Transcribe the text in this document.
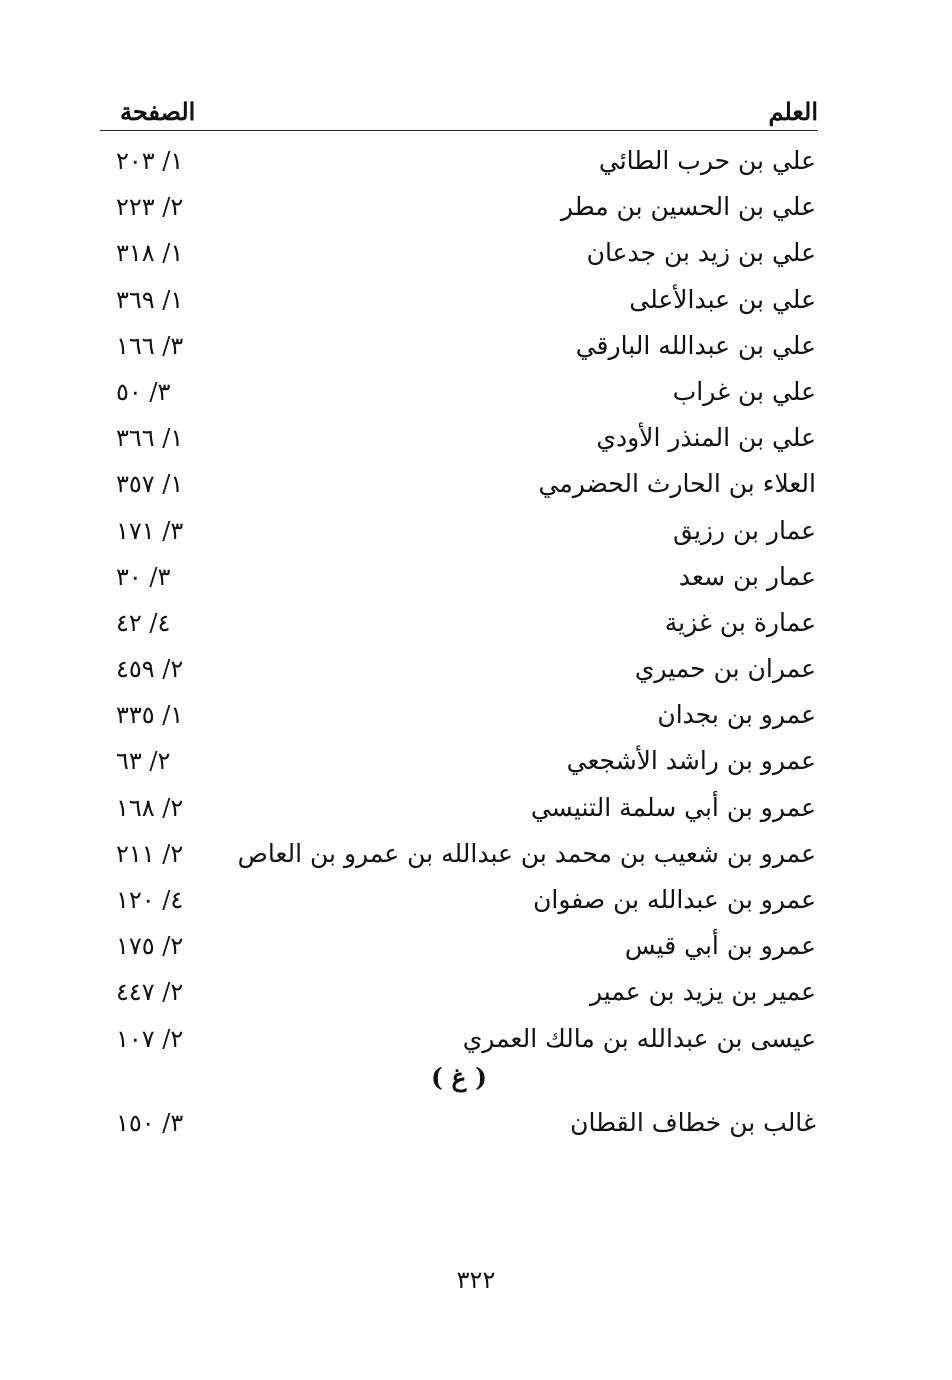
العلم
الصفحة
علي بن حرب الطائي
١/ ٢٠٣
علي بن الحسين بن مطر
٢/ ٢٢٣
علي بن زيد بن جدعان
١/ ٣١٨
علي بن عبدالأعلى
١/ ٣٦٩
علي بن عبدالله البارقي
٣/ ١٦٦
علي بن غراب
٣/ ٥٠
علي بن المنذر الأودي
١/ ٣٦٦
العلاء بن الحارث الحضرمي
١/ ٣٥٧
عمار بن رزيق
٣/ ١٧١
عمار بن سعد
٣/ ٣٠
عمارة بن غزية
٤/ ٤٢
عمران بن حميري
٢/ ٤٥٩
عمرو بن بجدان
١/ ٣٣٥
عمرو بن راشد الأشجعي
٢/ ٦٣
عمرو بن أبي سلمة التنيسي
٢/ ١٦٨
عمرو بن شعيب بن محمد بن عبدالله بن عمرو بن العاص
٢/ ٢١١
عمرو بن عبدالله بن صفوان
٤/ ١٢٠
عمرو بن أبي قيس
٢/ ١٧٥
عمير بن يزيد بن عمير
٢/ ٤٤٧
عيسى بن عبدالله بن مالك العمري
٢/ ١٠٧
( غ )
غالب بن خطاف القطان
٣/ ١٥٠
٣٢٢
